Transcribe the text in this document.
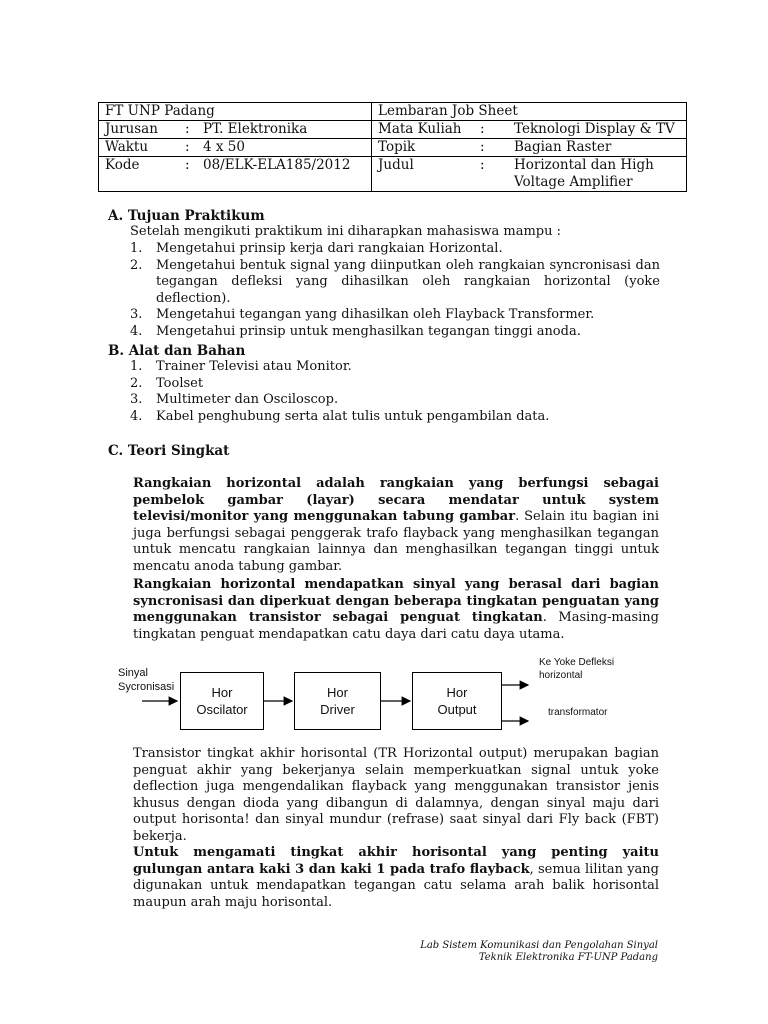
FT UNP Padang	Lembaran Job Sheet

Jurusan : PT. Elektronika	Mata Kuliah : Teknologi Display & TV

Waktu : 4 x 50	Topik : Bagian Raster

Kode : 08/ELK-ELA185/2012	Judul : Horizontal dan High Voltage Amplifier
A. Tujuan Praktikum
Setelah mengikuti praktikum ini diharapkan mahasiswa mampu :
1.	Mengetahui prinsip kerja dari rangkaian Horizontal.
2.	Mengetahui bentuk signal yang diinputkan oleh rangkaian syncronisasi dan tegangan defleksi yang dihasilkan oleh rangkaian horizontal (yoke deflection).
3.	Mengetahui tegangan yang dihasilkan oleh Flayback Transformer.
4.	Mengetahui prinsip untuk menghasilkan tegangan tinggi anoda.
B. Alat dan Bahan
1.	Trainer Televisi atau Monitor.
2.	Toolset
3.	Multimeter dan Osciloscop.
4.	Kabel penghubung serta alat tulis untuk pengambilan data.
C. Teori Singkat
Rangkaian horizontal adalah rangkaian yang berfungsi sebagai pembelok gambar (layar) secara mendatar untuk system televisi/monitor yang menggunakan tabung gambar. Selain itu bagian ini juga berfungsi sebagai penggerak trafo flayback yang menghasilkan tegangan untuk mencatu rangkaian lainnya dan menghasilkan tegangan tinggi untuk mencatu anoda tabung gambar.
Rangkaian horizontal mendapatkan sinyal yang berasal dari bagian syncronisasi dan diperkuat dengan beberapa tingkatan penguatan yang menggunakan transistor sebagai penguat tingkatan. Masing-masing tingkatan penguat mendapatkan catu daya dari catu daya utama.
Sinyal
Sycronisasi	Hor
Oscilator
Hor
Driver
Hor
Output
Ke Yoke Defleksi
horizontal
transformator
Transistor tingkat akhir horisontal (TR Horizontal output) merupakan bagian penguat akhir yang bekerjanya selain memperkuatkan signal untuk yoke deflection juga mengendalikan flayback yang menggunakan transistor jenis khusus dengan dioda yang dibangun di dalamnya, dengan sinyal maju dari output horisonta! dan sinyal mundur (refrase) saat sinyal dari Fly back (FBT) bekerja.
Untuk mengamati tingkat akhir horisontal yang penting yaitu gulungan antara kaki 3 dan kaki 1 pada trafo flayback, semua lilitan yang digunakan untuk mendapatkan tegangan catu selama arah balik horisontal maupun arah maju horisontal.
Lab Sistem Komunikasi dan Pengolahan Sinyal
Teknik Elektronika FT-UNP Padang
